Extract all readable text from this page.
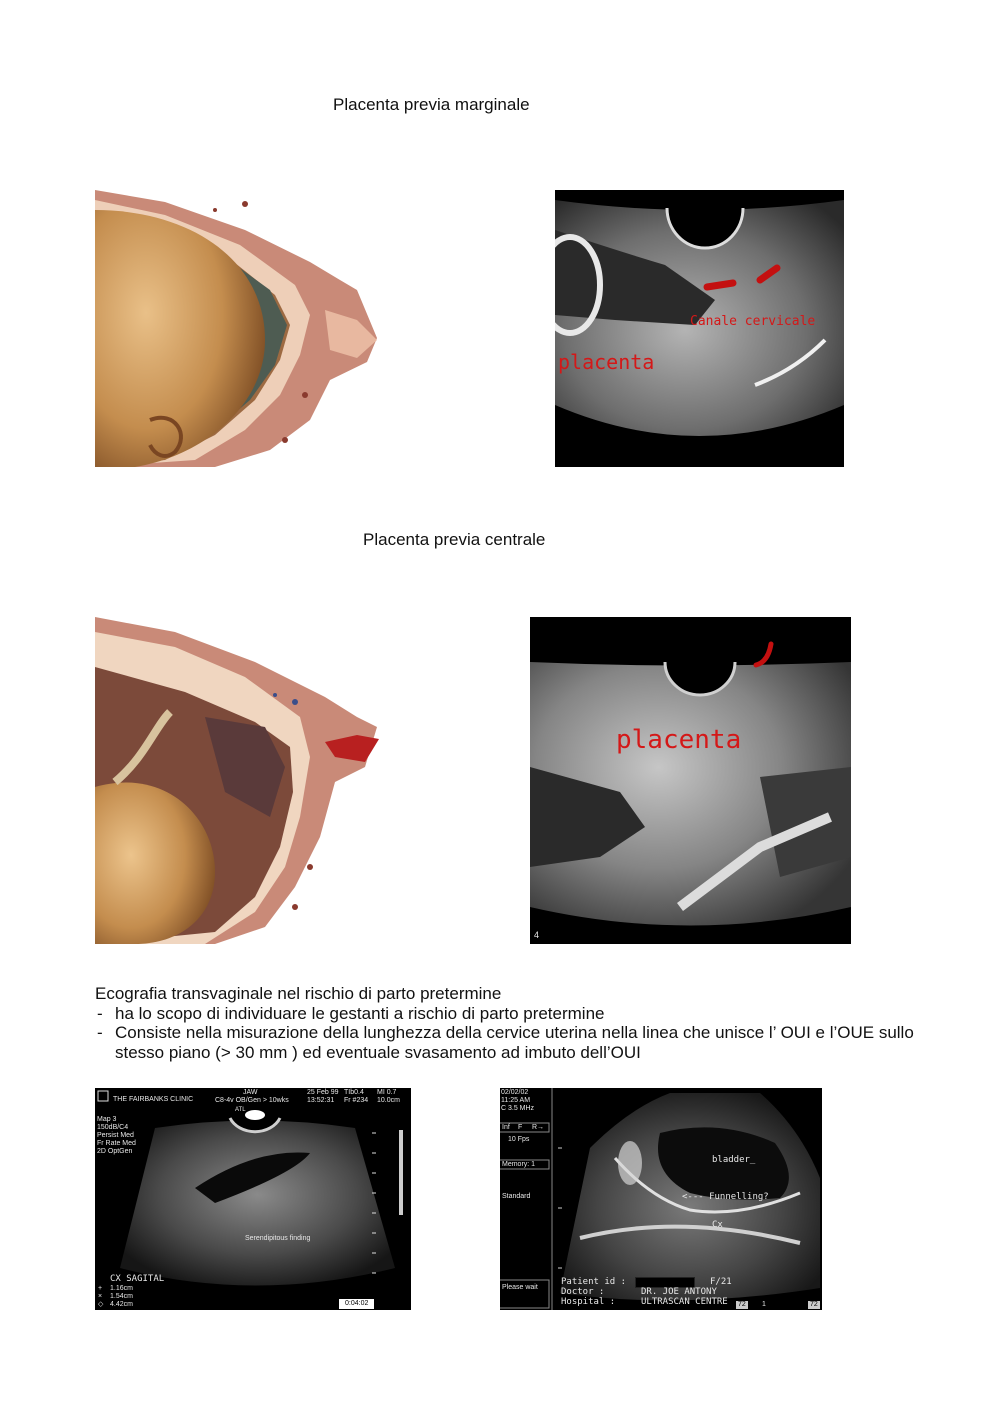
Placenta previa marginale
placenta
Canale cervicale
Placenta previa centrale
placenta
4
Ecografia transvaginale nel rischio di parto pretermine
- ha lo scopo di individuare le gestanti a rischio di parto pretermine
- Consiste nella misurazione della lunghezza della cervice uterina nella linea che unisce l’ OUI e l’OUE sullo stesso piano (> 30 mm ) ed eventuale svasamento ad imbuto dell’OUI
THE FAIRBANKS CLINIC
JAW
C8-4v OB/Gen > 10wks
25 Feb 99
13:52:31
TIb0.4 MI 0.7
Fr #234 10.0cm
ATL
Map 3
150dB/C4
Persist Med
Fr Rate Med
2D OptGen
Serendipitous finding
CX SAGITAL
+ 1.16cm
× 1.54cm
◇ 4.42cm	0:04:02
02/02/02
11:25 AM
C 3.5 MHz
Inf F R→
10 Fps
Memory: 1
Standard
Please wait
bladder_
<--- Funnelling?
Cx
Patient id :	F/21
Doctor :	DR. JOE ANTONY
Hospital :	ULTRASCAN CENTRE 72 1	72
